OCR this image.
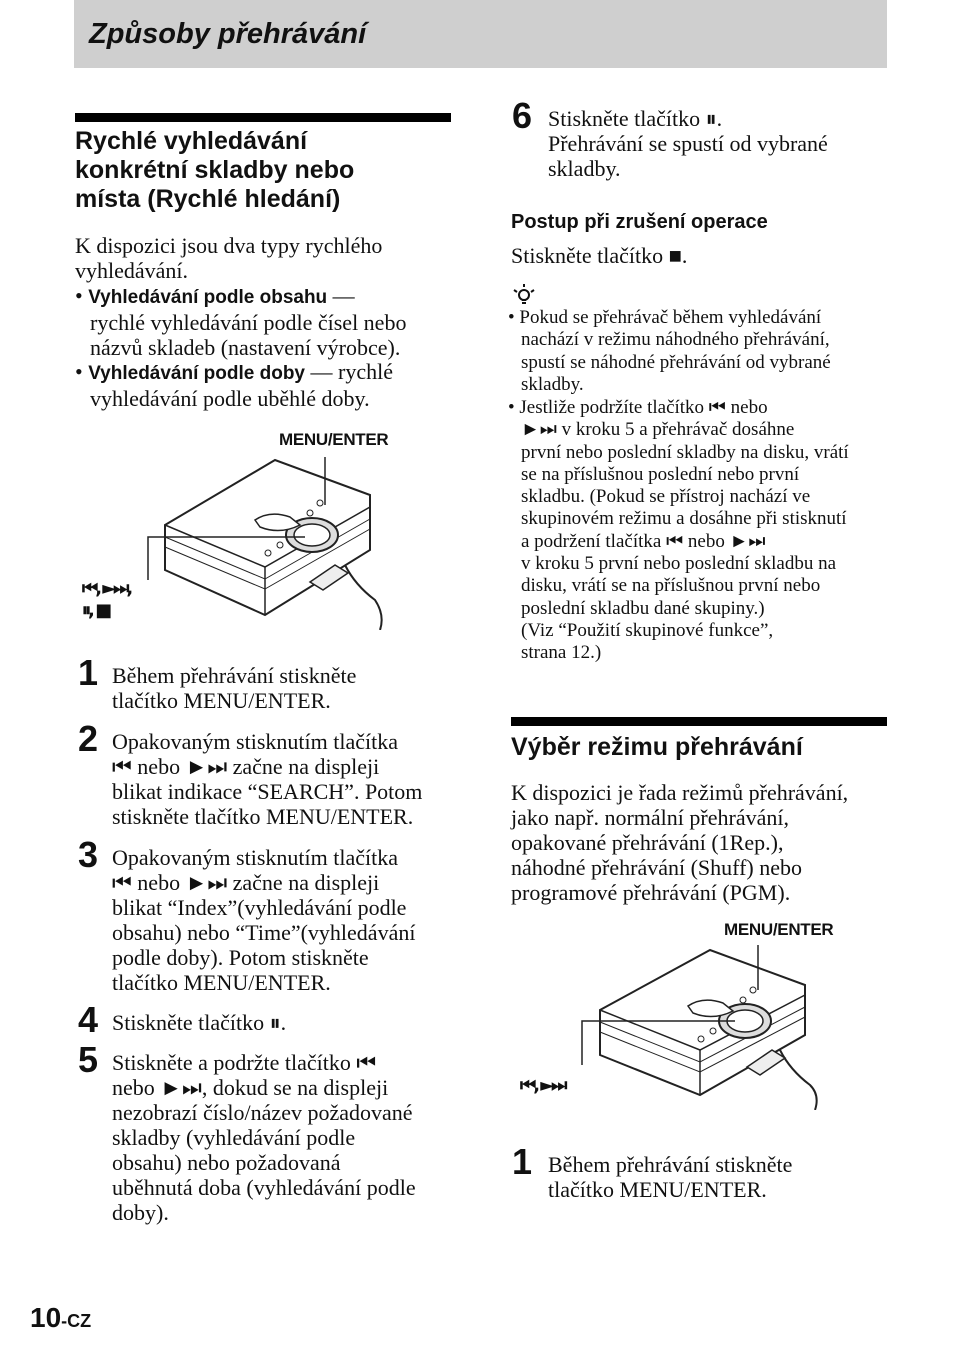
Způsoby přehrávání
Rychlé vyhledávání
konkrétní skladby nebo
místa (Rychlé hledání)
K dispozici jsou dva typy rychlého
vyhledávání.
• Vyhledávání podle obsahu —
rychlé vyhledávání podle čísel nebo
názvů skladeb (nastavení výrobce).
• Vyhledávání podle doby — rychlé
vyhledávání podle uběhlé doby.
MENU/ENTER
⏮, ►⏭,
⏸, ■
1 Během přehrávání stiskněte
tlačítko MENU/ENTER.
2 Opakovaným stisknutím tlačítka
⏮ nebo ►⏭ začne na displeji
blikat indikace “SEARCH”. Potom
stiskněte tlačítko MENU/ENTER.
3 Opakovaným stisknutím tlačítka
⏮ nebo ►⏭ začne na displeji
blikat “Index”(vyhledávání podle
obsahu) nebo “Time”(vyhledávání
podle doby). Potom stiskněte
tlačítko MENU/ENTER.
4 Stiskněte tlačítko ⏸.
5 Stiskněte a podržte tlačítko ⏮
nebo ►⏭, dokud se na displeji
nezobrazí číslo/název požadované
skladby (vyhledávání podle
obsahu) nebo požadovaná
uběhnutá doba (vyhledávání podle
doby).
6 Stiskněte tlačítko ⏸.
Přehrávání se spustí od vybrané
skladby.
Postup při zrušení operace
Stiskněte tlačítko ■.
• Pokud se přehrávač během vyhledávání
nachází v režimu náhodného přehrávání,
spustí se náhodné přehrávání od vybrané
skladby.
• Jestliže podržíte tlačítko ⏮ nebo
►⏭ v kroku 5 a přehrávač dosáhne
první nebo poslední skladby na disku, vrátí
se na příslušnou poslední nebo první
skladbu. (Pokud se přístroj nachází ve
skupinovém režimu a dosáhne při stisknutí
a podržení tlačítka ⏮ nebo ►⏭
v kroku 5 první nebo poslední skladbu na
disku, vrátí se na příslušnou první nebo
poslední skladbu dané skupiny.)
(Viz “Použití skupinové funkce”,
strana 12.)
Výběr režimu přehrávání
K dispozici je řada režimů přehrávání,
jako např. normální přehrávání,
opakované přehrávání (1Rep.),
náhodné přehrávání (Shuff) nebo
programové přehrávání (PGM).
MENU/ENTER
⏮, ►⏭
1 Během přehrávání stiskněte
tlačítko MENU/ENTER.
10-CZ
